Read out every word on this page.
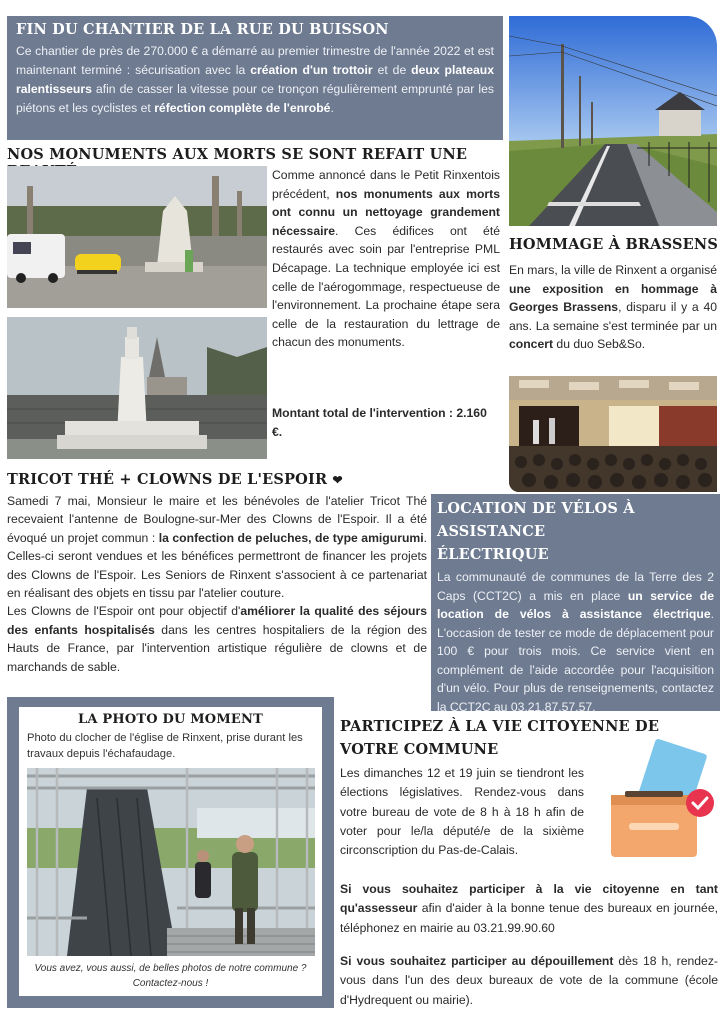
FIN DU CHANTIER DE LA RUE DU BUISSON

Ce chantier de près de 270.000 € a démarré au premier trimestre de l'année 2022 et est maintenant terminé : sécurisation avec la création d'un trottoir et de deux plateaux ralentisseurs afin de casser la vitesse pour ce tronçon régulièrement emprunté par les piétons et les cyclistes et réfection complète de l'enrobé.

NOS MONUMENTS AUX MORTS SE SONT REFAIT UNE
Comme annoncé dans le Petit Rinxentois précédent, nos monuments aux morts ont connu un nettoyage grandement nécessaire. Ces édifices ont été restaurés avec soin par l'entreprise PML Décapage. La technique employée ici est celle de l'aérogommage, respectueuse de l'environnement. La prochaine étape sera celle de la restauration du lettrage de chacun des monuments.
Montant total de l'intervention : 2.160 €.
HOMMAGE À BRASSENS
En mars, la ville de Rinxent a organisé une exposition en hommage à Georges Brassens, disparu il y a 40 ans. La semaine s'est terminée par un concert du duo Seb&So.
TRICOT THÉ + CLOWNS DE L'ESPOIR ❤
Samedi 7 mai, Monsieur le maire et les bénévoles de l'atelier Tricot Thé recevaient l'antenne de Boulogne-sur-Mer des Clowns de l'Espoir. Il a été évoqué un projet commun : la confection de peluches, de type amigurumi. Celles-ci seront vendues et les bénéfices permettront de financer les projets des Clowns de l'Espoir. Les Seniors de Rinxent s'associent à ce partenariat en réalisant des objets en tissu par l'atelier couture.
Les Clowns de l'Espoir ont pour objectif d'améliorer la qualité des séjours des enfants hospitalisés dans les centres hospitaliers de la région des Hauts de France, par l'intervention artistique régulière de clowns et de marchands de sable.
LOCATION DE VÉLOS À ASSISTANCE ÉLECTRIQUE

La communauté de communes de la Terre des 2 Caps (CCT2C) a mis en place un service de location de vélos à assistance électrique. L'occasion de tester ce mode de déplacement pour 100 € pour trois mois. Ce service vient en complément de l'aide accordée pour l'acquisition d'un vélo. Pour plus de renseignements, contactez la CCT2C au 03.21.87.57.57.

LA PHOTO DU MOMENT
Photo du clocher de l'église de Rinxent, prise durant les travaux depuis l'échafaudage.
Vous avez, vous aussi, de belles photos de notre commune ? Contactez-nous !
PARTICIPEZ À LA VIE CITOYENNE DE VOTRE COMMUNE
Les dimanches 12 et 19 juin se tiendront les élections législatives. Rendez-vous dans votre bureau de vote de 8 h à 18 h afin de voter pour le/la député/e de la sixième circonscription du Pas-de-Calais.
Si vous souhaitez participer à la vie citoyenne en tant qu'assesseur afin d'aider à la bonne tenue des bureaux en journée, téléphonez en mairie au 03.21.99.90.60
Si vous souhaitez participer au dépouillement dès 18 h, rendez-vous dans l'un des deux bureaux de vote de la commune (école d'Hydrequent ou mairie).
